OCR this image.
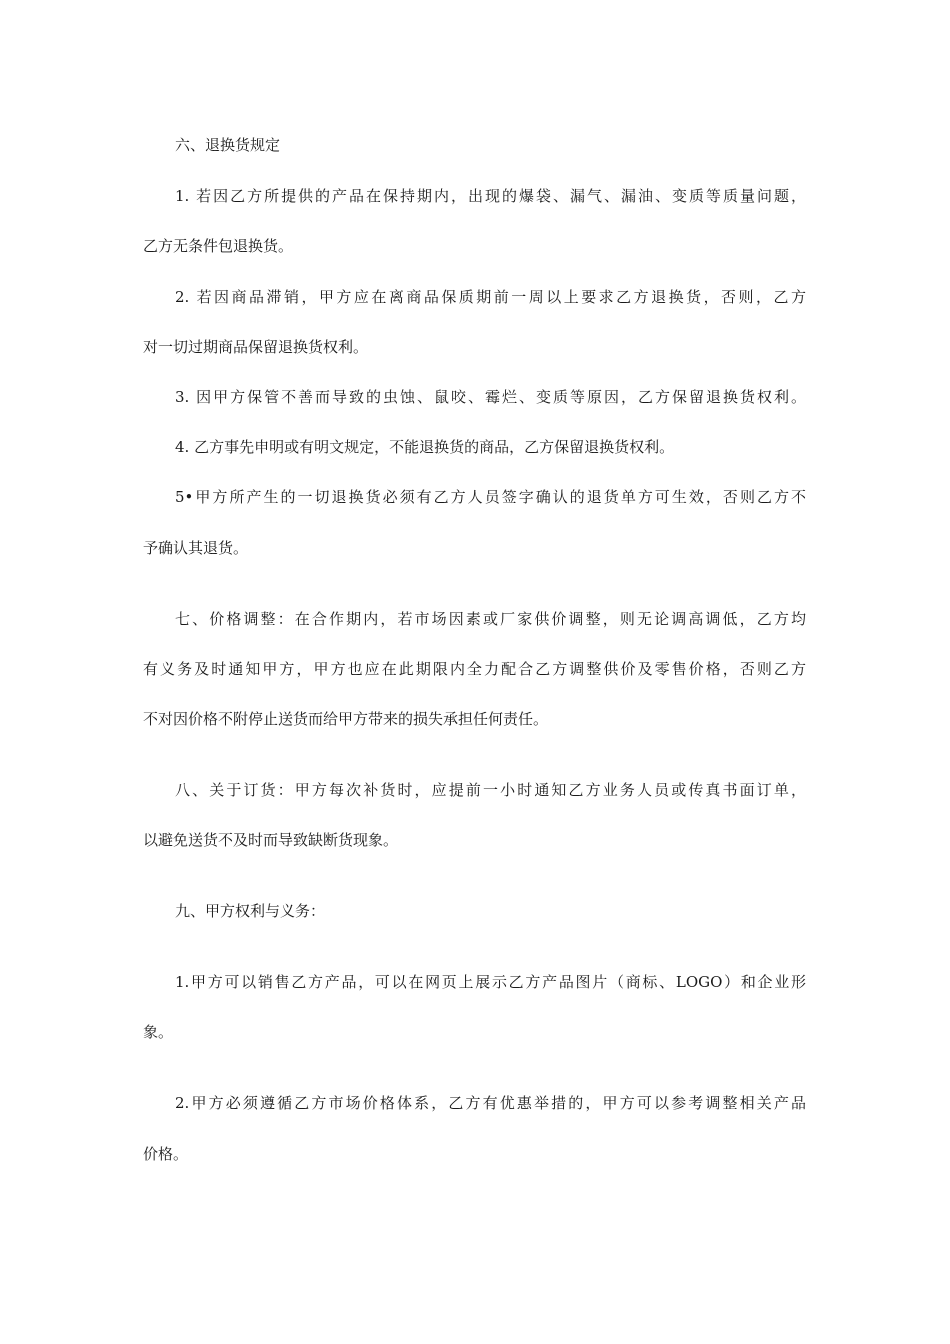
六、退换货规定
1. 若因乙方所提供的产品在保持期内，出现的爆袋、漏气、漏油、变质等质量问题，
乙方无条件包退换货。
2. 若因商品滞销，甲方应在离商品保质期前一周以上要求乙方退换货，否则，乙方
对一切过期商品保留退换货权利。
3. 因甲方保管不善而导致的虫蚀、鼠咬、霉烂、变质等原因，乙方保留退换货权利。
4. 乙方事先申明或有明文规定，不能退换货的商品，乙方保留退换货权利。
5•甲方所产生的一切退换货必须有乙方人员签字确认的退货单方可生效，否则乙方不
予确认其退货。
七、价格调整：在合作期内，若市场因素或厂家供价调整，则无论调高调低，乙方均
有义务及时通知甲方，甲方也应在此期限内全力配合乙方调整供价及零售价格，否则乙方
不对因价格不附停止送货而给甲方带来的损失承担任何责任。
八、关于订货：甲方每次补货时，应提前一小时通知乙方业务人员或传真书面订单，
以避免送货不及时而导致缺断货现象。
九、甲方权利与义务：
1.甲方可以销售乙方产品，可以在网页上展示乙方产品图片（商标、LOGO）和企业形
象。
2.甲方必须遵循乙方市场价格体系，乙方有优惠举措的，甲方可以参考调整相关产品
价格。
